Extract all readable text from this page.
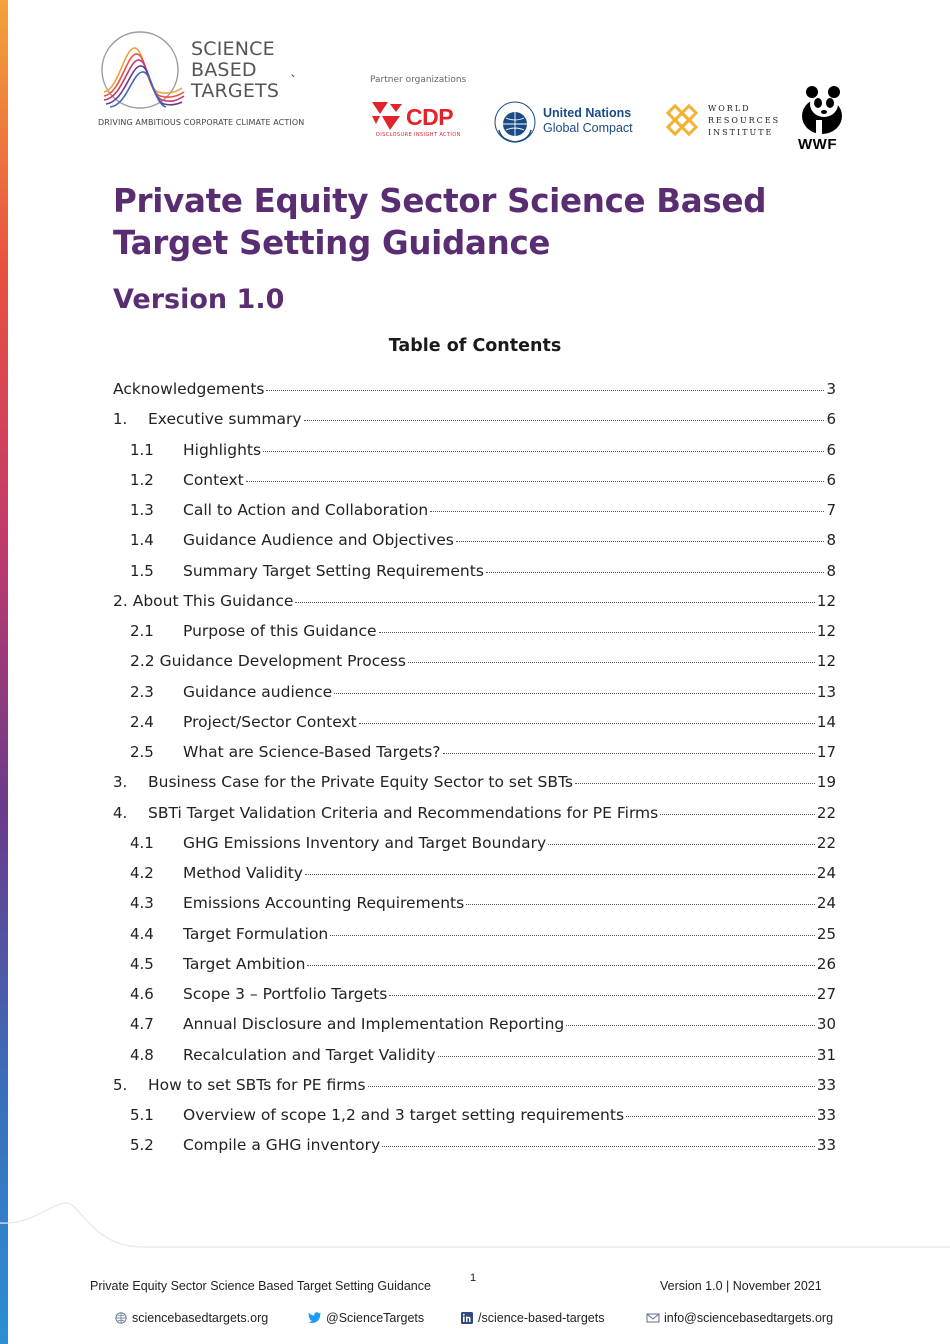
SCIENCE
BASED
TARGETS
DRIVING AMBITIOUS CORPORATE CLIMATE ACTION
`	Partner organizations
CDP
DISCLOSURE INSIGHT ACTION
United Nations
Global Compact
WORLD
RESOURCES
INSTITUTE
WWF
Private Equity Sector Science Based Target Setting Guidance
Version 1.0
Table of Contents
Acknowledgements	3
1.	Executive summary	6
1.1	Highlights	6
1.2	Context	6
1.3	Call to Action and Collaboration	7
1.4	Guidance Audience and Objectives	8
1.5	Summary Target Setting Requirements	8
2. About This Guidance	12
2.1	Purpose of this Guidance	12
2.2 Guidance Development Process	12
2.3	Guidance audience	13
2.4	Project/Sector Context	14
2.5	What are Science-Based Targets?	17
3.	Business Case for the Private Equity Sector to set SBTs	19
4.	SBTi Target Validation Criteria and Recommendations for PE Firms	22
4.1	GHG Emissions Inventory and Target Boundary	22
4.2	Method Validity	24
4.3	Emissions Accounting Requirements	24
4.4	Target Formulation	25
4.5	Target Ambition	26
4.6	Scope 3 – Portfolio Targets	27
4.7	Annual Disclosure and Implementation Reporting	30
4.8	Recalculation and Target Validity	31
5.	How to set SBTs for PE firms	33
5.1	Overview of scope 1,2 and 3 target setting requirements	33
5.2	Compile a GHG inventory	33
Private Equity Sector Science Based Target Setting Guidance
1
Version 1.0 | November 2021
sciencebasedtargets.org	@ScienceTargets	/science-based-targets	info@sciencebasedtargets.org
